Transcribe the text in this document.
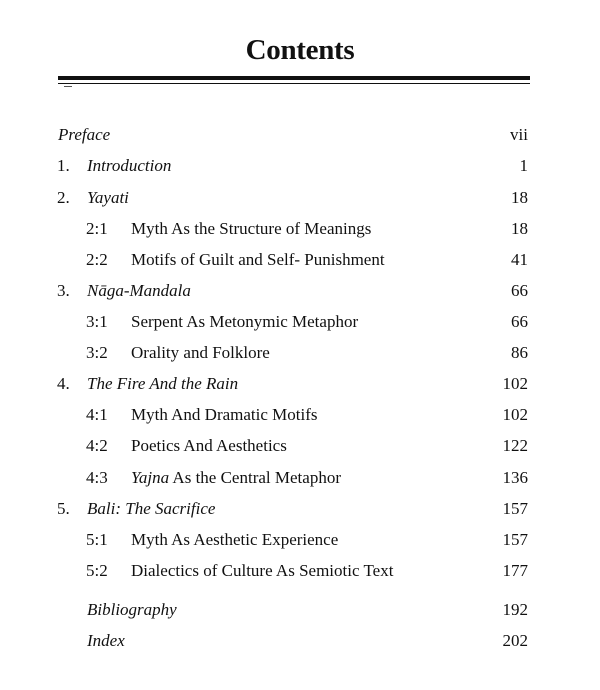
Contents
Preface	vii
1. Introduction	1
2. Yayati	18
2:1 Myth As the Structure of Meanings	18
2:2 Motifs of Guilt and Self- Punishment	41
3. Nāga-Mandala	66
3:1 Serpent As Metonymic Metaphor	66
3:2 Orality and Folklore	86
4. The Fire And the Rain	102
4:1 Myth And Dramatic Motifs	102
4:2 Poetics And Aesthetics	122
4:3 Yajna As the Central Metaphor	136
5. Bali: The Sacrifice	157
5:1 Myth As Aesthetic Experience	157
5:2 Dialectics of Culture As Semiotic Text	177
Bibliography	192
Index	202
